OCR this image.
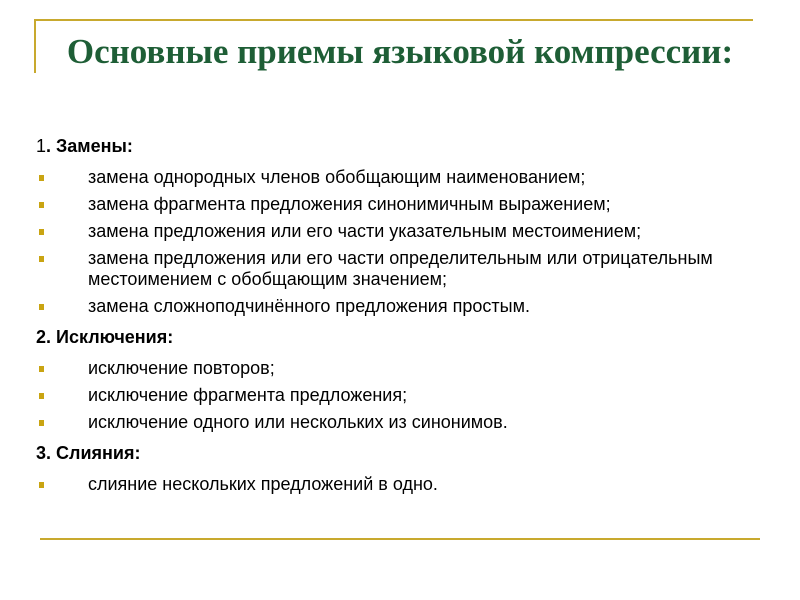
Основные приемы языковой компрессии:
1. Замены:
замена однородных членов обобщающим наименованием;
замена фрагмента предложения синонимичным выражением;
замена предложения или его части указательным местоимением;
замена предложения или его части определительным или отрицательным местоимением с обобщающим значением;
замена сложноподчинённого предложения простым.
2. Исключения:
исключение повторов;
исключение фрагмента предложения;
исключение одного или нескольких из синонимов.
3. Слияния:
слияние нескольких предложений в одно.
